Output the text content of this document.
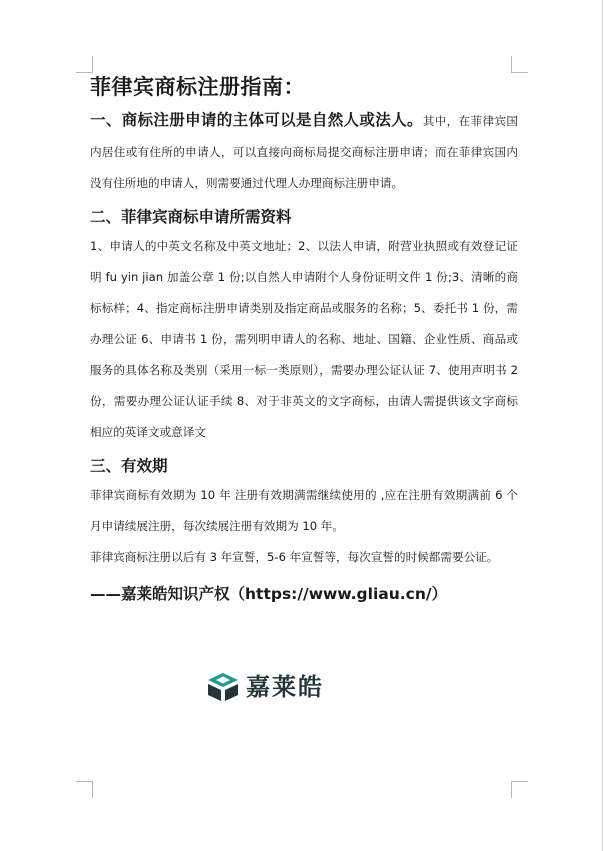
菲律宾商标注册指南：
一、商标注册申请的主体可以是自然人或法人。其中，在菲律宾国内居住或有住所的申请人，可以直接向商标局提交商标注册申请；而在菲律宾国内没有住所地的申请人，则需要通过代理人办理商标注册申请。
二、菲律宾商标申请所需资料

1、申请人的中英文名称及中英文地址；2、以法人申请，附营业执照或有效登记证明 fu yin jian 加盖公章 1 份;以自然人申请附个人身份证明文件 1 份;3、清晰的商标标样；4、指定商标注册申请类别及指定商品或服务的名称；5、委托书 1 份，需办理公证 6、申请书 1 份，需列明申请人的名称、地址、国籍、企业性质、商品或服务的具体名称及类别（采用一标一类原则），需要办理公证认证 7、使用声明书 2 份，需要办理公证认证手续 8、对于非英文的文字商标，由请人需提供该文字商标相应的英译文或意译文

三、有效期

菲律宾商标有效期为 10 年 注册有效期满需继续使用的 ,应在注册有效期满前 6 个月申请续展注册，每次续展注册有效期为 10 年。

菲律宾商标注册以后有 3 年宣誓，5-6 年宣誓等，每次宣誓的时候都需要公证。

——嘉莱皓知识产权（https://www.gliau.cn/）
嘉莱皓
